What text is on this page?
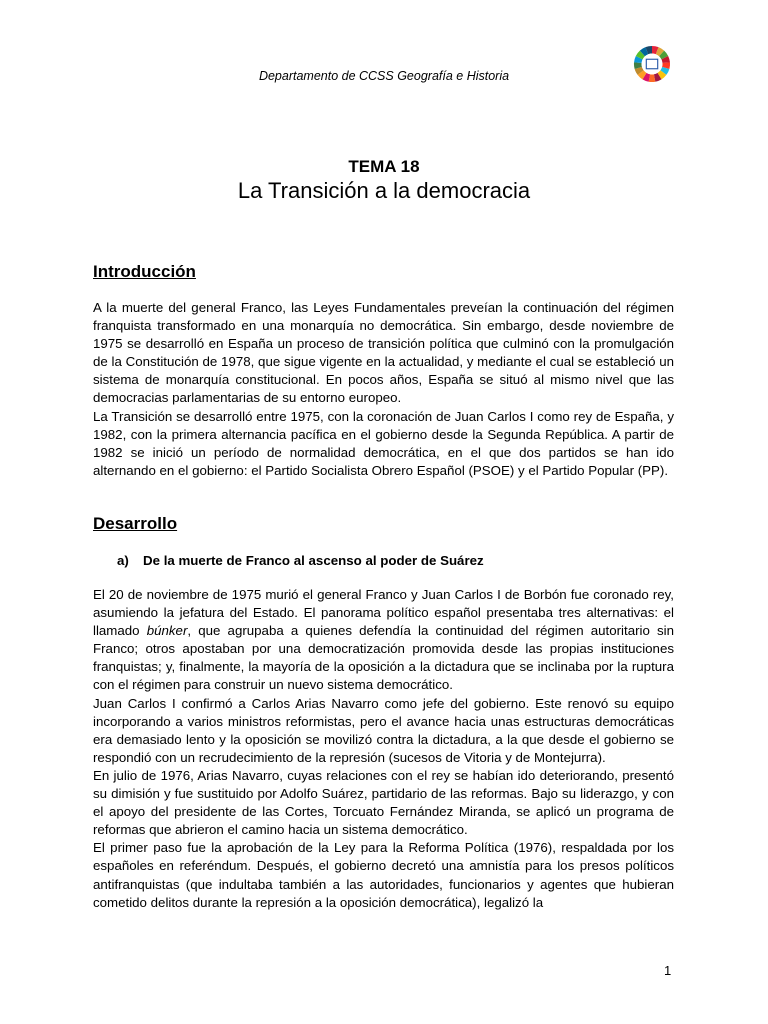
Departamento de CCSS Geografía e Historia
TEMA 18
La Transición a la democracia
Introducción

A la muerte del general Franco, las Leyes Fundamentales preveían la continuación del régimen franquista transformado en una monarquía no democrática. Sin embargo, desde noviembre de 1975 se desarrolló en España un proceso de transición política que culminó con la promulgación de la Constitución de 1978, que sigue vigente en la actualidad, y mediante el cual se estableció un sistema de monarquía constitucional. En pocos años, España se situó al mismo nivel que las democracias parlamentarias de su entorno europeo.

La Transición se desarrolló entre 1975, con la coronación de Juan Carlos I como rey de España, y 1982, con la primera alternancia pacífica en el gobierno desde la Segunda República. A partir de 1982 se inició un período de normalidad democrática, en el que dos partidos se han ido alternando en el gobierno: el Partido Socialista Obrero Español (PSOE) y el Partido Popular (PP).

Desarrollo
a) De la muerte de Franco al ascenso al poder de Suárez

El 20 de noviembre de 1975 murió el general Franco y Juan Carlos I de Borbón fue coronado rey, asumiendo la jefatura del Estado. El panorama político español presentaba tres alternativas: el llamado búnker, que agrupaba a quienes defendía la continuidad del régimen autoritario sin Franco; otros apostaban por una democratización promovida desde las propias instituciones franquistas; y, finalmente, la mayoría de la oposición a la dictadura que se inclinaba por la ruptura con el régimen para construir un nuevo sistema democrático.

Juan Carlos I confirmó a Carlos Arias Navarro como jefe del gobierno. Este renovó su equipo incorporando a varios ministros reformistas, pero el avance hacia unas estructuras democráticas era demasiado lento y la oposición se movilizó contra la dictadura, a la que desde el gobierno se respondió con un recrudecimiento de la represión (sucesos de Vitoria y de Montejurra).

En julio de 1976, Arias Navarro, cuyas relaciones con el rey se habían ido deteriorando, presentó su dimisión y fue sustituido por Adolfo Suárez, partidario de las reformas. Bajo su liderazgo, y con el apoyo del presidente de las Cortes, Torcuato Fernández Miranda, se aplicó un programa de reformas que abrieron el camino hacia un sistema democrático.

El primer paso fue la aprobación de la Ley para la Reforma Política (1976), respaldada por los españoles en referéndum. Después, el gobierno decretó una amnistía para los presos políticos antifranquistas (que indultaba también a las autoridades, funcionarios y agentes que hubieran cometido delitos durante la represión a la oposición democrática), legalizó la

1
